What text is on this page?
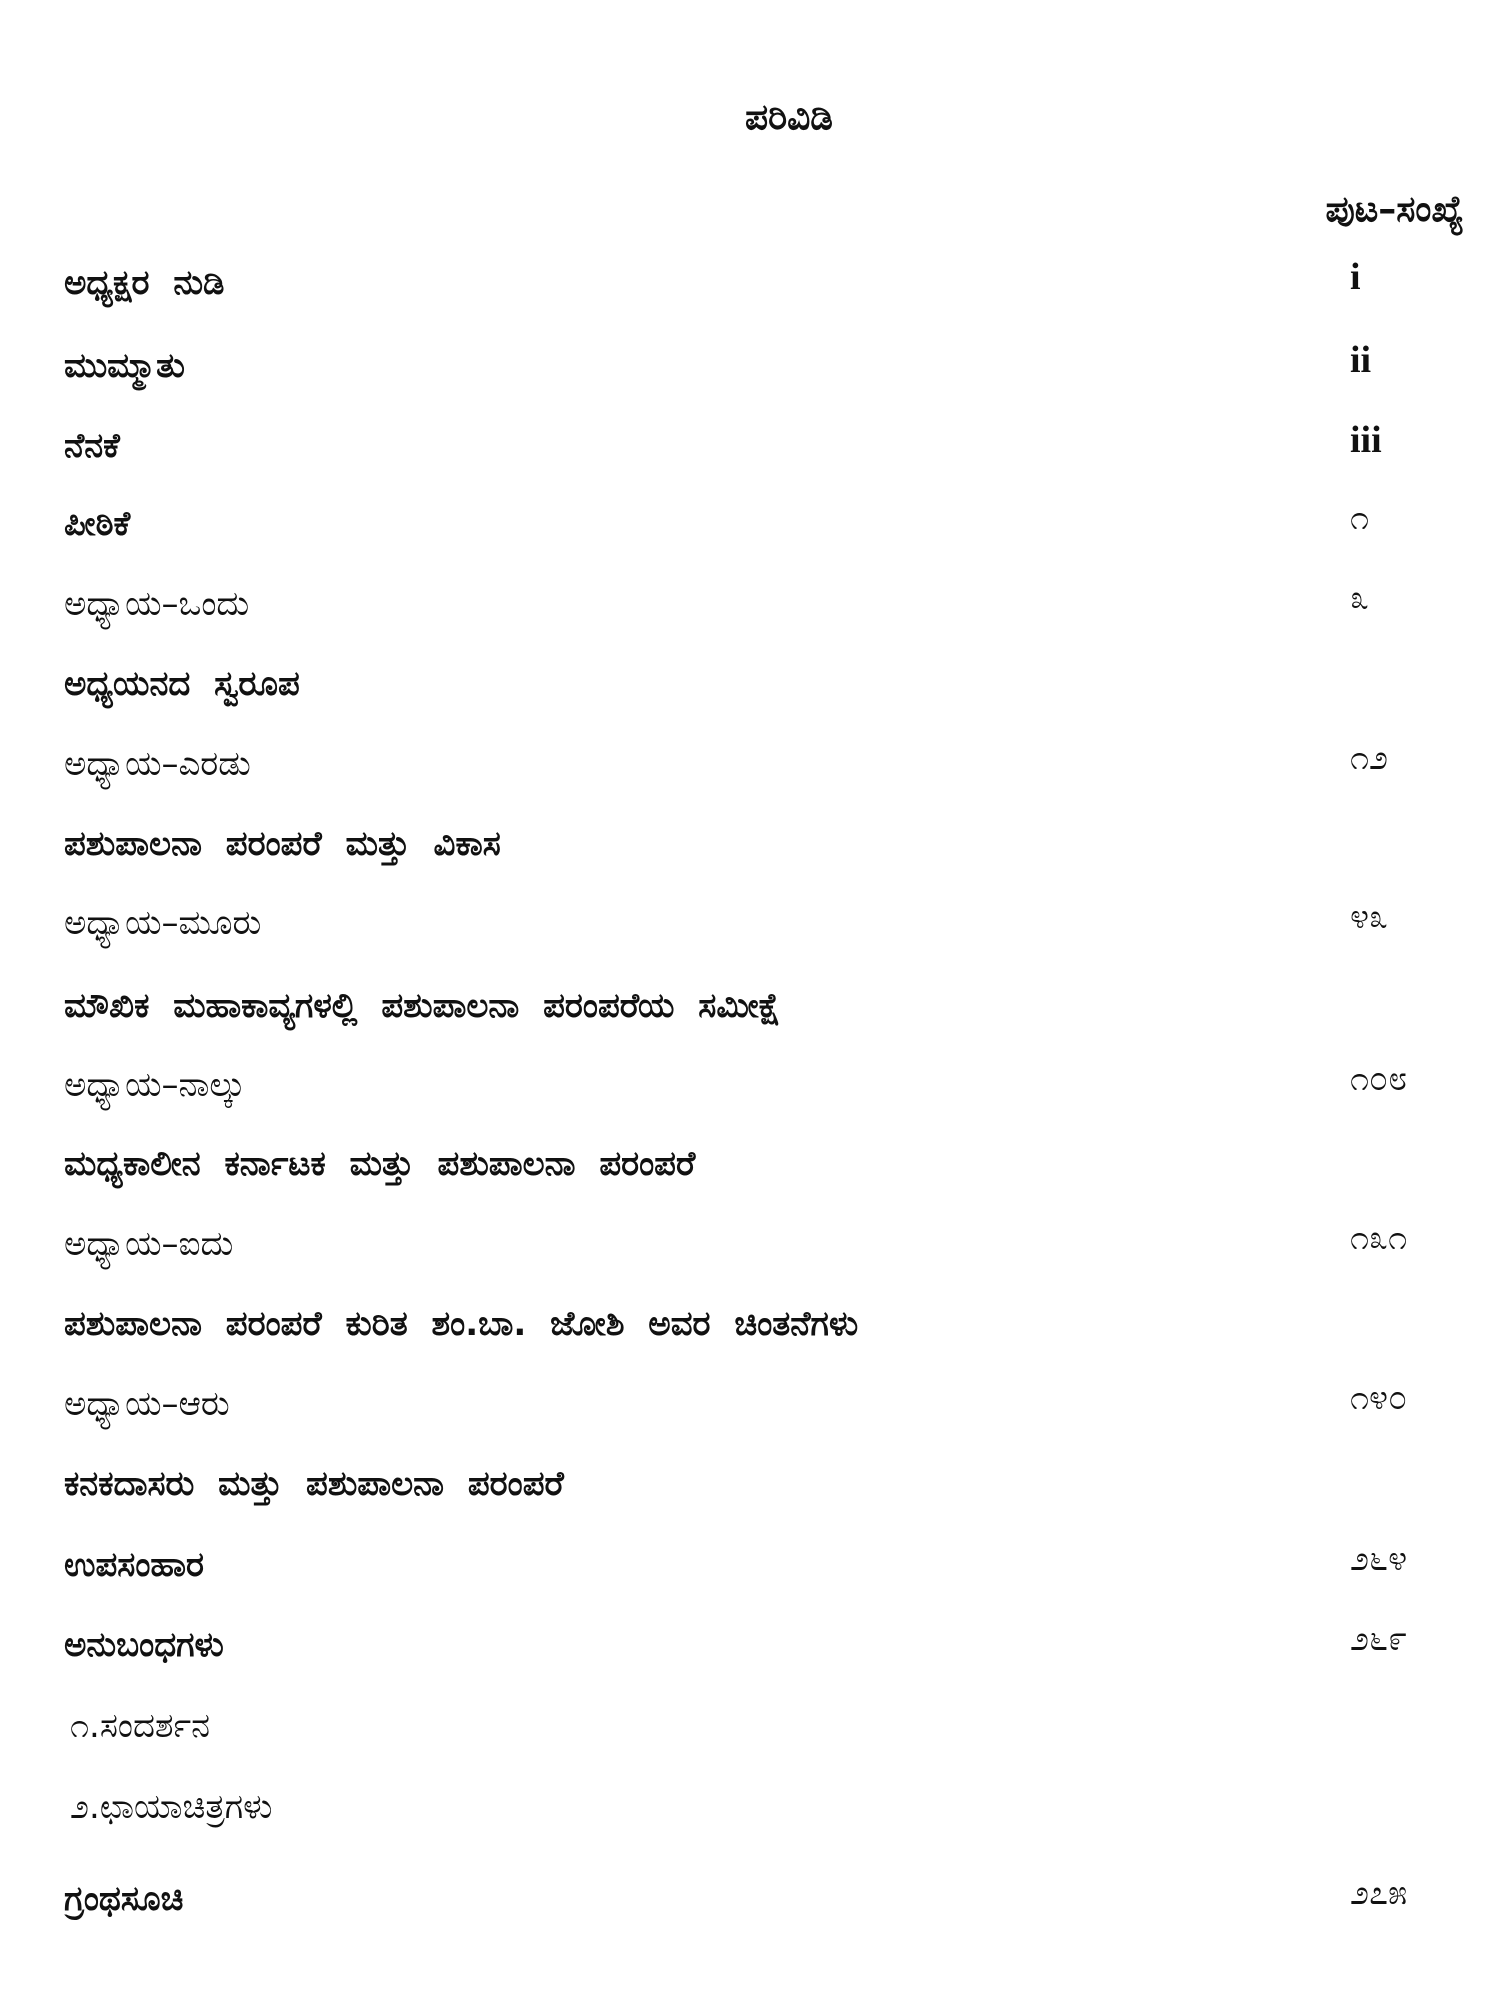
ಪರಿವಿಡಿ
ಪುಟ–ಸಂಖ್ಯೆ
ಅಧ್ಯಕ್ಷರ ನುಡಿ	i
ಮುಮ್ಮಾತು	ii
ನೆನಕೆ	iii
ಪೀಠಿಕೆ	೧
ಅಧ್ಯಾಯ–ಒಂದು	೩
ಅಧ್ಯಯನದ ಸ್ವರೂಪ
ಅಧ್ಯಾಯ–ಎರಡು	೧೨
ಪಶುಪಾಲನಾ ಪರಂಪರೆ ಮತ್ತು ವಿಕಾಸ
ಅಧ್ಯಾಯ–ಮೂರು	೪೩
ಮೌಖಿಕ ಮಹಾಕಾವ್ಯಗಳಲ್ಲಿ ಪಶುಪಾಲನಾ ಪರಂಪರೆಯ ಸಮೀಕ್ಷೆ
ಅಧ್ಯಾಯ–ನಾಲ್ಕು	೧೦೮
ಮಧ್ಯಕಾಲೀನ ಕರ್ನಾಟಕ ಮತ್ತು ಪಶುಪಾಲನಾ ಪರಂಪರೆ
ಅಧ್ಯಾಯ–ಐದು	೧೩೧
ಪಶುಪಾಲನಾ ಪರಂಪರೆ ಕುರಿತ ಶಂ.ಬಾ. ಜೋಶಿ ಅವರ ಚಿಂತನೆಗಳು
ಅಧ್ಯಾಯ–ಆರು	೧೪೦
ಕನಕದಾಸರು ಮತ್ತು ಪಶುಪಾಲನಾ ಪರಂಪರೆ
ಉಪಸಂಹಾರ	೨೬೪
ಅನುಬಂಧಗಳು	೨೬೯
೧.ಸಂದರ್ಶನ
೨.ಛಾಯಾಚಿತ್ರಗಳು
ಗ್ರಂಥಸೂಚಿ	೨೭೫
